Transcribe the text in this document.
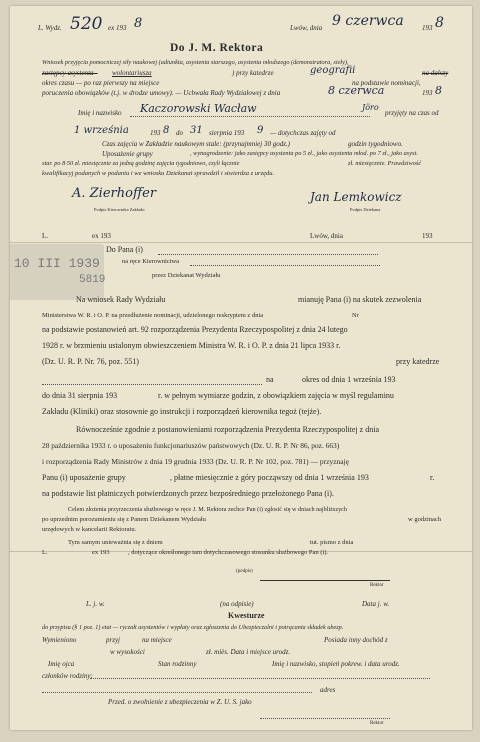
L. Wydz. 520 ex 193 8	Lwów, dnia 9 czerwca	193 8
Do J. M. Rektora
Wniosek przyjęcia pomocniczej siły naukowej (adiunkta, asystenta starszego, asystenta młodszego (demonstratora, sieły),
zastępcy asystenta - wolontariusza	) przy katedrze	geografii	na dalszy
okres czasu — po raz pierwszy na miejsce	na podstawie nominacji,
poruczenia obowiązków (t.j. w drodze umowy). — Uchwała Rady Wydziałowej z dnia	8 czerwca	193 8
Imię i nazwisko Kaczorowski Wacław	Jöro
przyjęty na czas od
1 września	193 8 do 31 sierpnia 193 9 — dotychczas zajęty od
Czas zajęcia w Zakładzie naukowym stale: (przynajmniej 30 godz.)	godzin tygodniowo.
Uposażenie grupy	, wynagrodzenie: jako zastępcy asystenta po 5 zł., jako asystenta młod. po 7 zł., jako asyst.
star. po 8·50 zł. miesięcznie za jedną godzinę zajęcia tygodniowo, czyli łącznie	zł. miesięcznie. Prawdziwość
kwalifikacyj podanych w podaniu i we wniosku Dziekanat sprawdził i stwierdza z urzędu.
A. Zierhoffer
Podpis Kierownika Zakładu
Jan Lemkowicz
Podpis Dziekana
10 III 1939
5819
L.	ex 193	Lwów, dnia	193
Do Pana (i)
na ręce Kierownictwa
przez Dziekanat Wydziału
Na wniosek Rady Wydziału	mianuję Pana (i) na skutek zezwolenia
Ministerstwa W. R. i O. P. na przedłużenie nominacji, udzielonego reskryptem z dnia	Nr
na podstawie postanowień art. 92 rozporządzenia Prezydenta Rzeczypospolitej z dnia 24 lutego
1928 r. w brzmieniu ustalonym obwieszczeniem Ministra W. R. i O. P. z dnia 21 lipca 1933 r.
(Dz. U. R. P. Nr. 76, poz. 551)	przy katedrze
na	okres od dnia 1 września 193
do dnia 31 sierpnia 193	r. w pełnym wymiarze godzin, z obowiązkiem zajęcia w myśl regulaminu
Zakładu (Kliniki) oraz stosownie go instrukcji i rozporządzeń kierownika tegoż (tejże).
Równocześnie zgodnie z postanowieniami rozporządzenia Prezydenta Rzeczypospolitej z dnia
28 października 1933 r. o uposażeniu funkcjonariuszów państwowych (Dz. U. R. P. Nr 86, poz. 663)
i rozporządzenia Rady Ministrów z dnia 19 grudnia 1933 (Dz. U. R. P. Nr 102, poz. 781) — przyznaję
Panu (i) uposażenie grupy	, płatne miesięcznie z góry począwszy od dnia 1 września 193	r.
na podstawie list płatniczych potwierdzonych przez bezpośredniego przełożonego Pana (i).
Celem złożenia przyrzeczenia służbowego w ręce J. M. Rektora zechce Pan (i) zgłosić się w dniach najbliższych
po uprzednim porozumieniu się z Panem Dziekanem Wydziału	w godzinach
urzędowych w kancelarii Rektoratu.
Tym samym unieważnia się z dniem	tut. pismo z dnia
L.	ex 193	, dotyczące określonego tam dotychczasowego stosunku służbowego Pan (i).
(podpis)
Rektor
L. j. w.	(na odpisie)	Data j. w.
Kwesturze
do przypisu (§ 1 poz. 1) etat — ryczałt asystentów i wypłaty oraz zgłoszenia do Ubezpieczalni i potrącania składek ubezp.
Wymieniono	przyj	na miejsce	Posiada inny dochód z
w wysokości	zł. miès. Data i miejsce urodz.
Imię ojca	Stan rodzinny	Imię i nazwisko, stopień pokrew. i data urodz.
członków rodziny:
adres
Przed. o zwolnienie z ubezpieczenia w Z. U. S. jako
Rektor
